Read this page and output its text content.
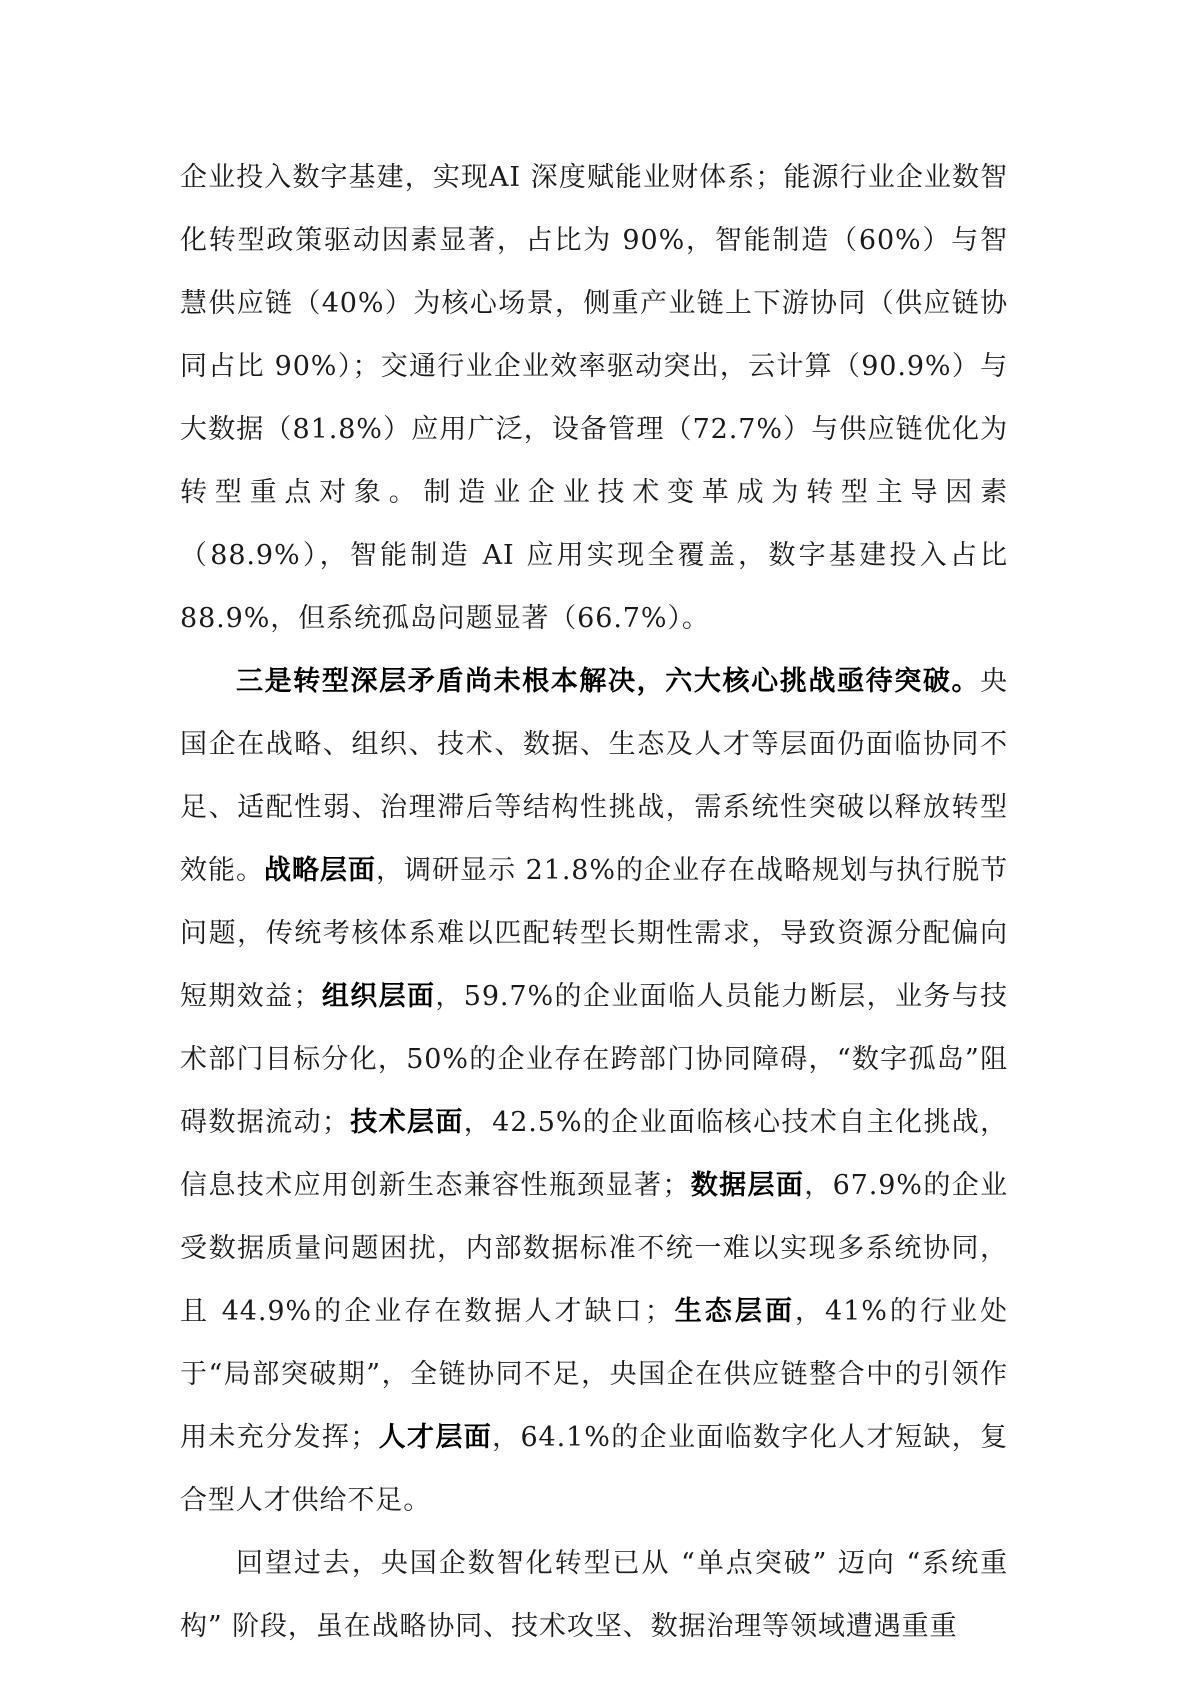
企业投入数字基建，实现AI 深度赋能业财体系；能源行业企业数智化转型政策驱动因素显著，占比为 90%，智能制造（60%）与智慧供应链（40%）为核心场景，侧重产业链上下游协同（供应链协同占比 90%）；交通行业企业效率驱动突出，云计算（90.9%）与大数据（81.8%）应用广泛，设备管理（72.7%）与供应链优化为转型重点对象。制造业企业技术变革成为转型主导因素（88.9%），智能制造 AI 应用实现全覆盖，数字基建投入占比 88.9%，但系统孤岛问题显著（66.7%）。

三是转型深层矛盾尚未根本解决，六大核心挑战亟待突破。央国企在战略、组织、技术、数据、生态及人才等层面仍面临协同不足、适配性弱、治理滞后等结构性挑战，需系统性突破以释放转型效能。战略层面，调研显示 21.8%的企业存在战略规划与执行脱节问题，传统考核体系难以匹配转型长期性需求，导致资源分配偏向短期效益；组织层面，59.7%的企业面临人员能力断层，业务与技术部门目标分化，50%的企业存在跨部门协同障碍，“数字孤岛”阻碍数据流动；技术层面，42.5%的企业面临核心技术自主化挑战，信息技术应用创新生态兼容性瓶颈显著；数据层面，67.9%的企业受数据质量问题困扰，内部数据标准不统一难以实现多系统协同，且 44.9%的企业存在数据人才缺口；生态层面，41%的行业处于“局部突破期”，全链协同不足，央国企在供应链整合中的引领作用未充分发挥；人才层面，64.1%的企业面临数字化人才短缺，复合型人才供给不足。

回望过去，央国企数智化转型已从 “单点突破” 迈向 “系统重构” 阶段，虽在战略协同、技术攻坚、数据治理等领域遭遇重重
